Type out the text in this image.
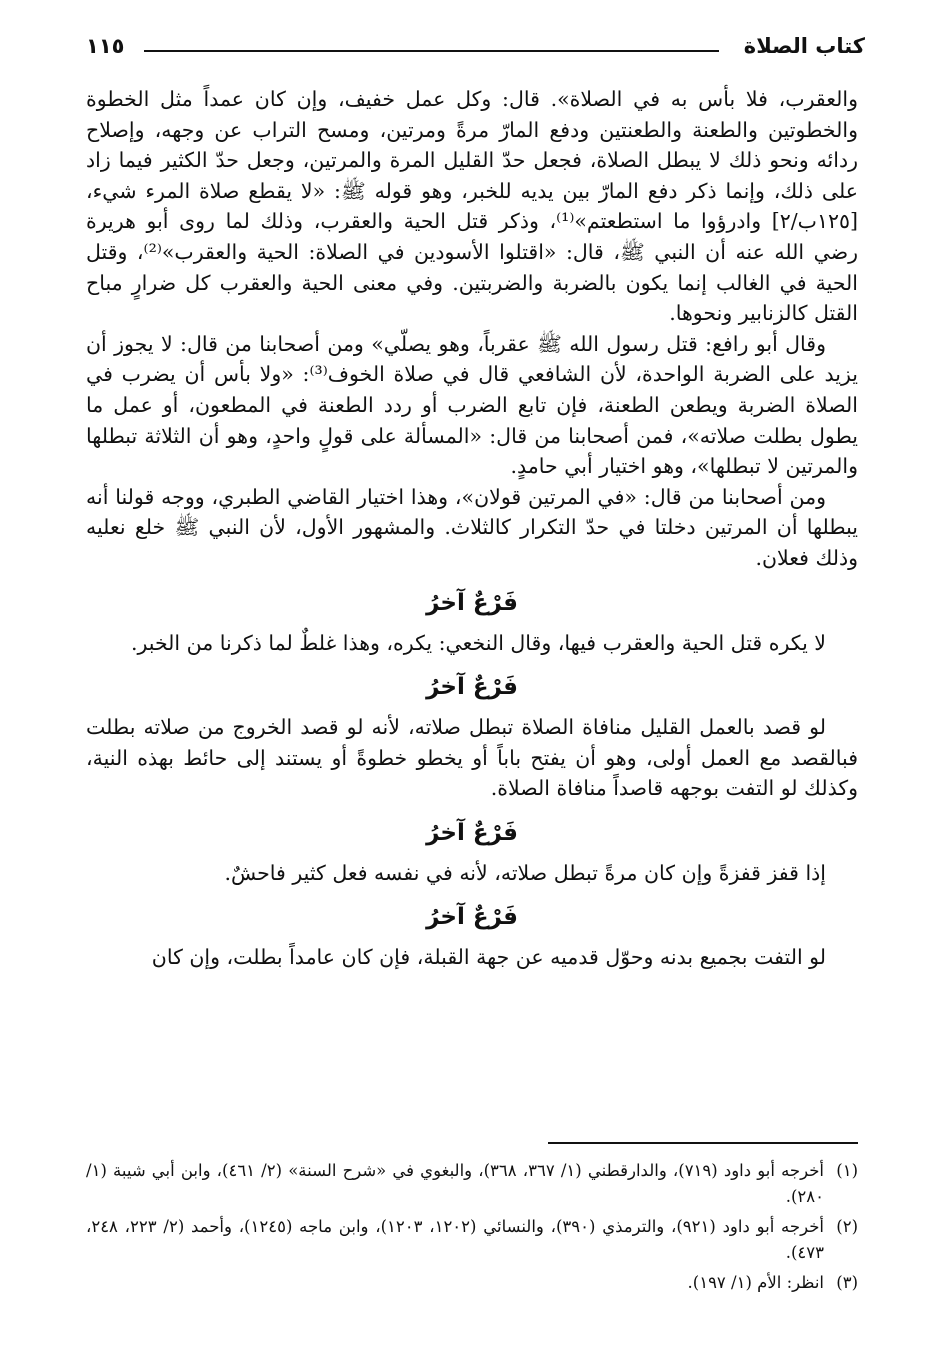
كتاب الصلاة
١١٥

والعقرب، فلا بأس به في الصلاة». قال: وكل عمل خفيف، وإن كان عمداً مثل الخطوة والخطوتين والطعنة والطعنتين ودفع المارّ مرةً ومرتين، ومسح التراب عن وجهه، وإصلاح ردائه ونحو ذلك لا يبطل الصلاة، فجعل حدّ القليل المرة والمرتين، وجعل حدّ الكثير فيما زاد على ذلك، وإنما ذكر دفع المارّ بين يديه للخبر، وهو قوله ﷺ: «لا يقطع صلاة المرء شيء، [١٢٥ب/٢] وادرؤوا ما استطعتم»⁽¹⁾، وذكر قتل الحية والعقرب، وذلك لما روى أبو هريرة رضي الله عنه أن النبي ﷺ، قال: «اقتلوا الأسودين في الصلاة: الحية والعقرب»⁽²⁾، وقتل الحية في الغالب إنما يكون بالضربة والضربتين. وفي معنى الحية والعقرب كل ضرارٍ مباح القتل كالزنابير ونحوها.

وقال أبو رافع: قتل رسول الله ﷺ عقرباً، وهو يصلّي» ومن أصحابنا من قال: لا يجوز أن يزيد على الضربة الواحدة، لأن الشافعي قال في صلاة الخوف⁽³⁾: «ولا بأس أن يضرب في الصلاة الضربة ويطعن الطعنة، فإن تابع الضرب أو ردد الطعنة في المطعون، أو عمل ما يطول بطلت صلاته»، فمن أصحابنا من قال: «المسألة على قولٍ واحدٍ، وهو أن الثلاثة تبطلها والمرتين لا تبطلها»، وهو اختيار أبي حامدٍ.

ومن أصحابنا من قال: «في المرتين قولان»، وهذا اختيار القاضي الطبري، ووجه قولنا أنه يبطلها أن المرتين دخلتا في حدّ التكرار كالثلاث. والمشهور الأول، لأن النبي ﷺ خلع نعليه وذلك فعلان.

فَرْعٌ آخرُ

لا يكره قتل الحية والعقرب فيها، وقال النخعي: يكره، وهذا غلطٌ لما ذكرنا من الخبر.

فَرْعٌ آخرُ

لو قصد بالعمل القليل منافاة الصلاة تبطل صلاته، لأنه لو قصد الخروج من صلاته بطلت فبالقصد مع العمل أولى، وهو أن يفتح باباً أو يخطو خطوةً أو يستند إلى حائط بهذه النية، وكذلك لو التفت بوجهه قاصداً منافاة الصلاة.

فَرْعٌ آخرُ

إذا قفز قفزةً وإن كان مرةً تبطل صلاته، لأنه في نفسه فعل كثير فاحشٌ.

فَرْعٌ آخرُ

لو التفت بجميع بدنه وحوّل قدميه عن جهة القبلة، فإن كان عامداً بطلت، وإن كان

(١)
أخرجه أبو داود (٧١٩)، والدارقطني (١/ ٣٦٧، ٣٦٨)، والبغوي في «شرح السنة» (٢/ ٤٦١)، وابن أبي شيبة (١/ ٢٨٠).
(٢)
أخرجه أبو داود (٩٢١)، والترمذي (٣٩٠)، والنسائي (١٢٠٢، ١٢٠٣)، وابن ماجه (١٢٤٥)، وأحمد (٢/ ٢٢٣، ٢٤٨، ٤٧٣).
(٣)
انظر: الأم (١/ ١٩٧).
